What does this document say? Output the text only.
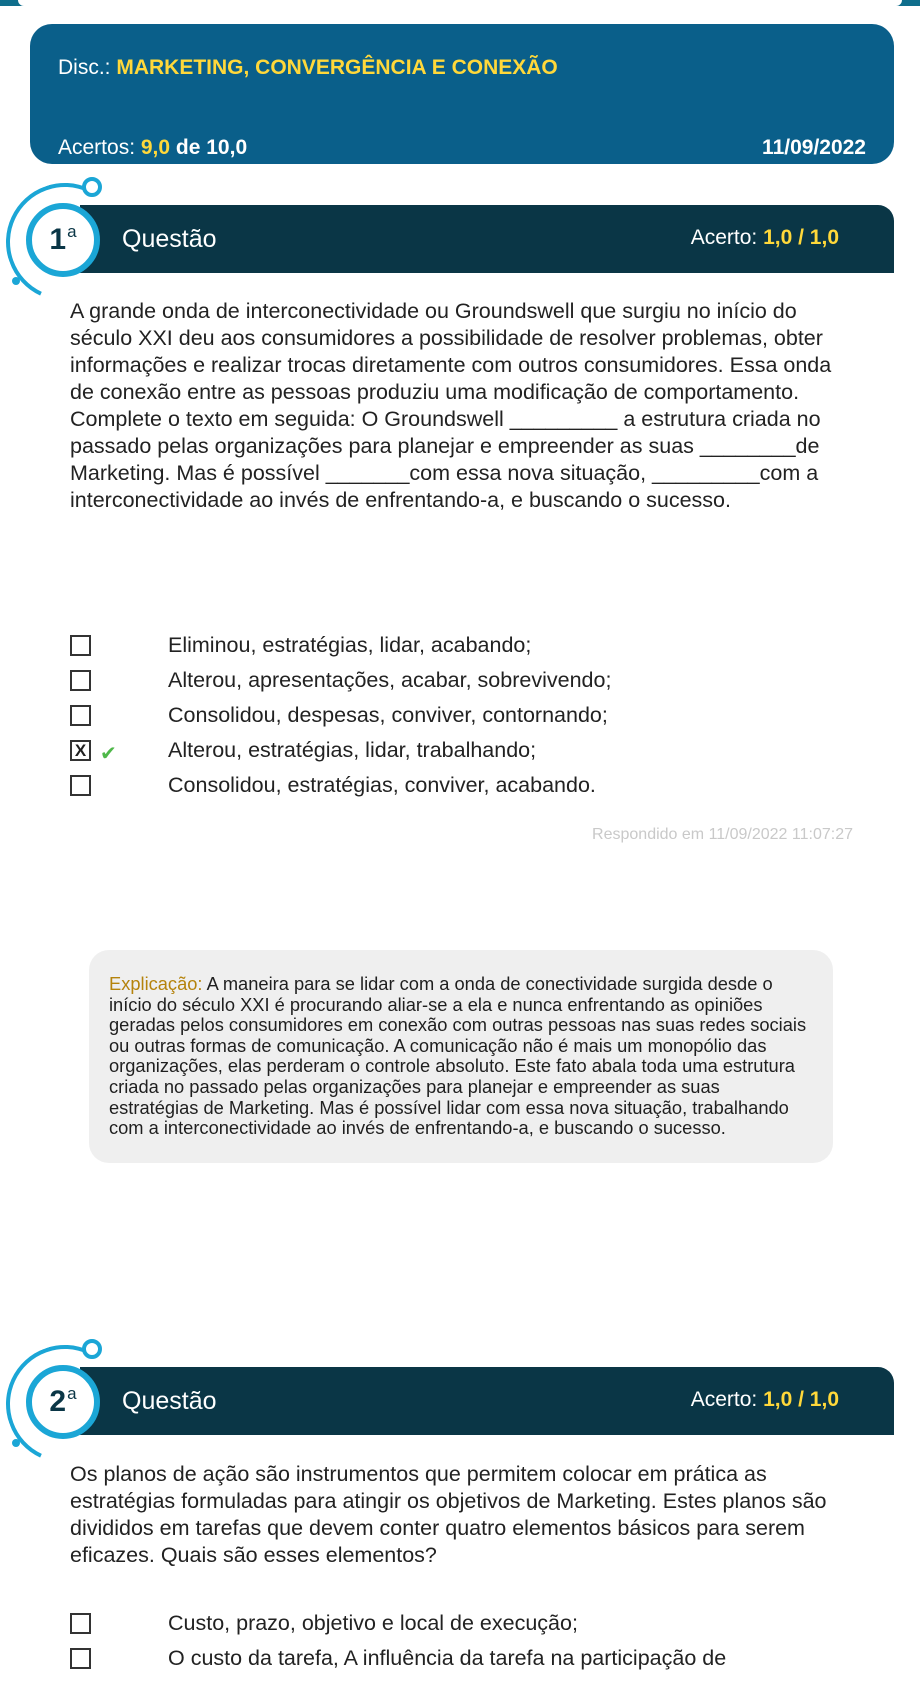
Disc.: MARKETING, CONVERGÊNCIA E CONEXÃO
Acertos: 9,0 de 10,0	11/09/2022
Questão	Acerto: 1,0 / 1,0
1$^a$

A grande onda de interconectividade ou Groundswell que surgiu no início do século XXI deu aos consumidores a possibilidade de resolver problemas, obter informações e realizar trocas diretamente com outros consumidores. Essa onda de conexão entre as pessoas produziu uma modificação de comportamento. Complete o texto em seguida: O Groundswell _________ a estrutura criada no passado pelas organizações para planejar e empreender as suas ________de Marketing. Mas é possível _______com essa nova situação, _________com a interconectividade ao invés de enfrentando-a, e buscando o sucesso.

Eliminou, estratégias, lidar, acabando;
Alterou, apresentações, acabar, sobrevivendo;
Consolidou, despesas, conviver, contornando;
X ✔ Alterou, estratégias, lidar, trabalhando;
Consolidou, estratégias, conviver, acabando.
Respondido em 11/09/2022 11:07:27
Explicação: A maneira para se lidar com a onda de conectividade surgida desde o início do século XXI é procurando aliar-se a ela e nunca enfrentando as opiniões geradas pelos consumidores em conexão com outras pessoas nas suas redes sociais ou outras formas de comunicação. A comunicação não é mais um monopólio das organizações, elas perderam o controle absoluto. Este fato abala toda uma estrutura criada no passado pelas organizações para planejar e empreender as suas estratégias de Marketing. Mas é possível lidar com essa nova situação, trabalhando com a interconectividade ao invés de enfrentando-a, e buscando o sucesso.
Questão	Acerto: 1,0 / 1,0
2$^a$

Os planos de ação são instrumentos que permitem colocar em prática as estratégias formuladas para atingir os objetivos de Marketing. Estes planos são divididos em tarefas que devem conter quatro elementos básicos para serem eficazes. Quais são esses elementos?

Custo, prazo, objetivo e local de execução;
O custo da tarefa, A influência da tarefa na participação de
